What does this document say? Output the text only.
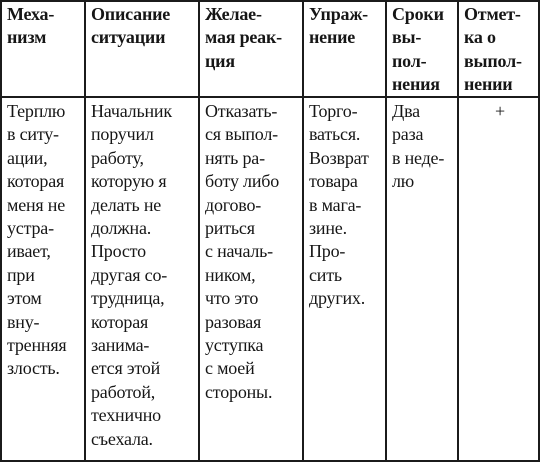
Меха-
низм
Описание
ситуации
Желае-
мая реак-
ция
Упраж-
нение
Сроки
вы-
пол-
нения
Отмет-
ка о
выпол-
нении
Терплю
в ситу-
ации,
которая
меня не
устра-
ивает,
при
этом
вну-
тренняя
злость.
Начальник
поручил
работу,
которую я
делать не
должна.
Просто
другая со-
трудница,
которая
занима-
ется этой
работой,
технично
съехала.
Отказать-
ся выпол-
нять ра-
боту либо
догово-
риться
с началь-
ником,
что это
разовая
уступка
с моей
стороны.
Торго-
ваться.
Возврат
товара
в мага-
зине.
Про-
сить
других.
Два
раза
в неде-
лю
+
